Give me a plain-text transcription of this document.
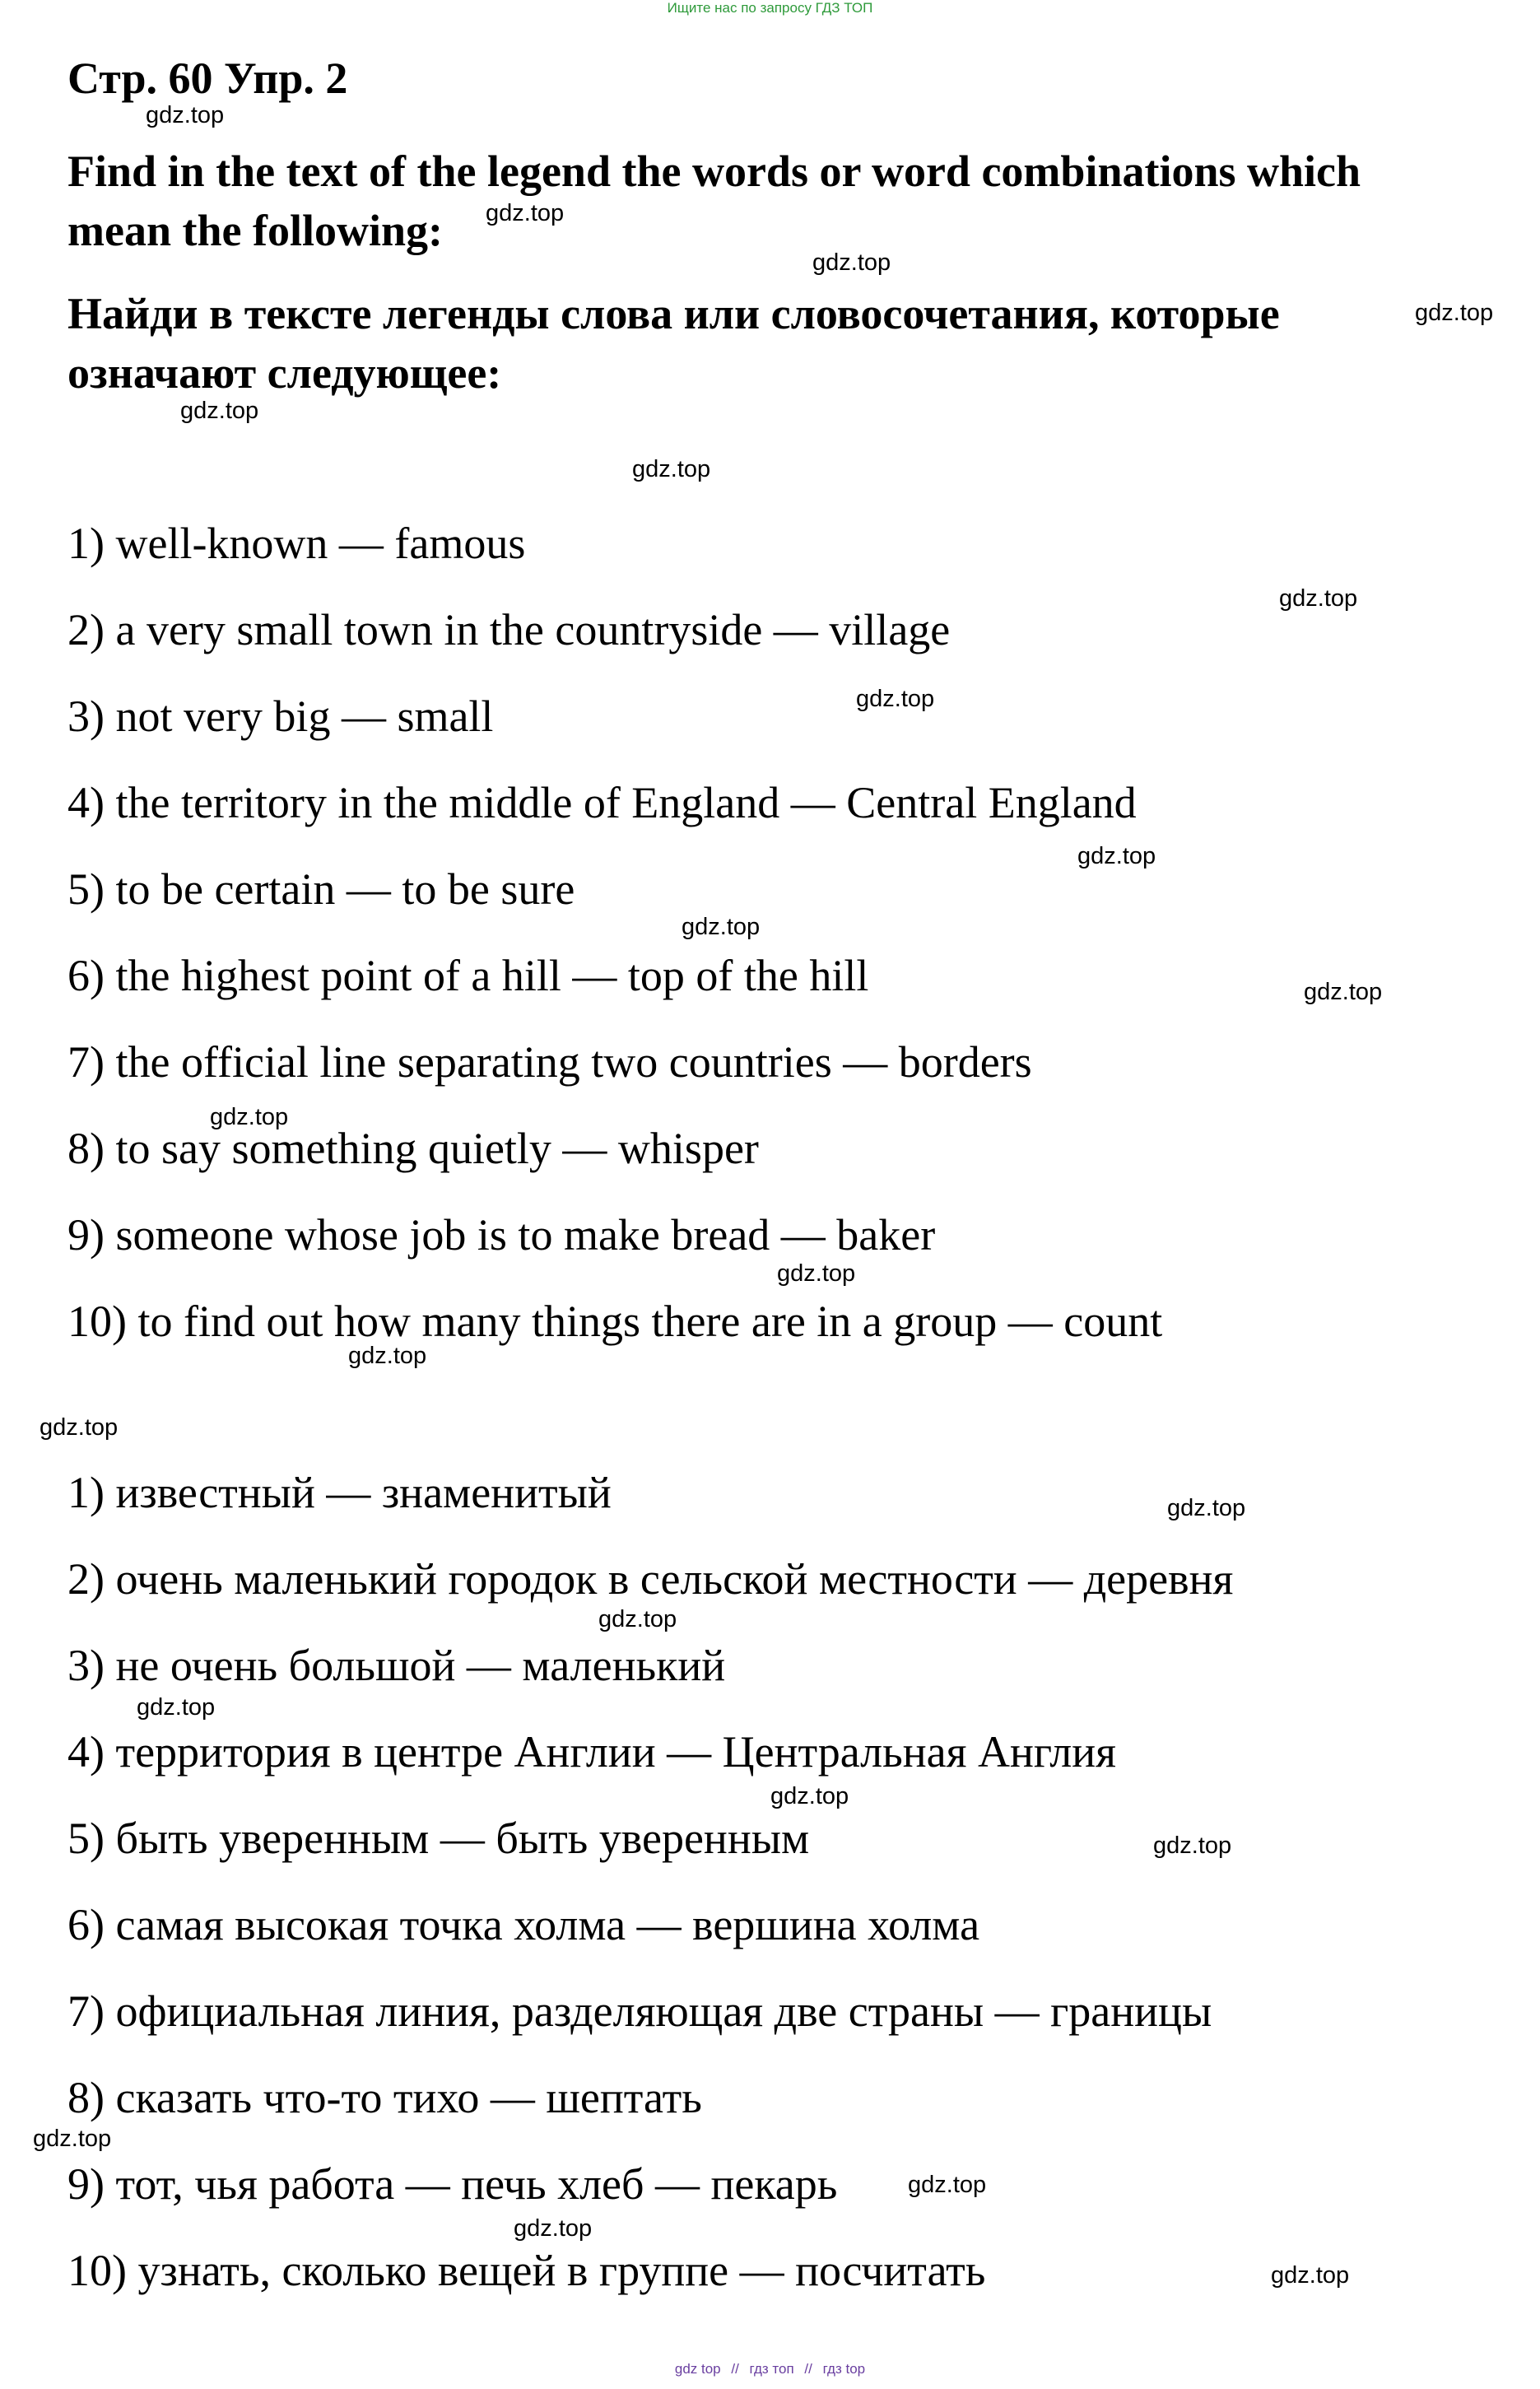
Ищите нас по запросу ГДЗ ТОП
Стр. 60 Упр. 2

Find in the text of the legend the words or word combinations which mean the following:

Найди в тексте легенды слова или словосочетания, которые означают следующее:

1) well-known — famous

2) a very small town in the countryside — village

3) not very big — small

4) the territory in the middle of England — Central England

5) to be certain — to be sure

6) the highest point of a hill — top of the hill

7) the official line separating two countries — borders

8) to say something quietly — whisper

9) someone whose job is to make bread — baker

10) to find out how many things there are in a group — count

1) известный — знаменитый

2) очень маленький городок в сельской местности — деревня

3) не очень большой — маленький

4) территория в центре Англии — Центральная Англия

5) быть уверенным — быть уверенным

6) самая высокая точка холма — вершина холма

7) официальная линия, разделяющая две страны — границы

8) сказать что-то тихо — шептать

9) тот, чья работа — печь хлеб — пекарь

10) узнать, сколько вещей в группе — посчитать

gdz.top
gdz.top
gdz.top
gdz.top
gdz.top
gdz.top
gdz.top
gdz.top
gdz.top
gdz.top
gdz.top
gdz.top
gdz.top
gdz.top
gdz.top
gdz.top
gdz.top
gdz.top
gdz.top
gdz.top
gdz.top
gdz.top
gdz.top
gdz.top
gdz top // гдз топ // гдз top
